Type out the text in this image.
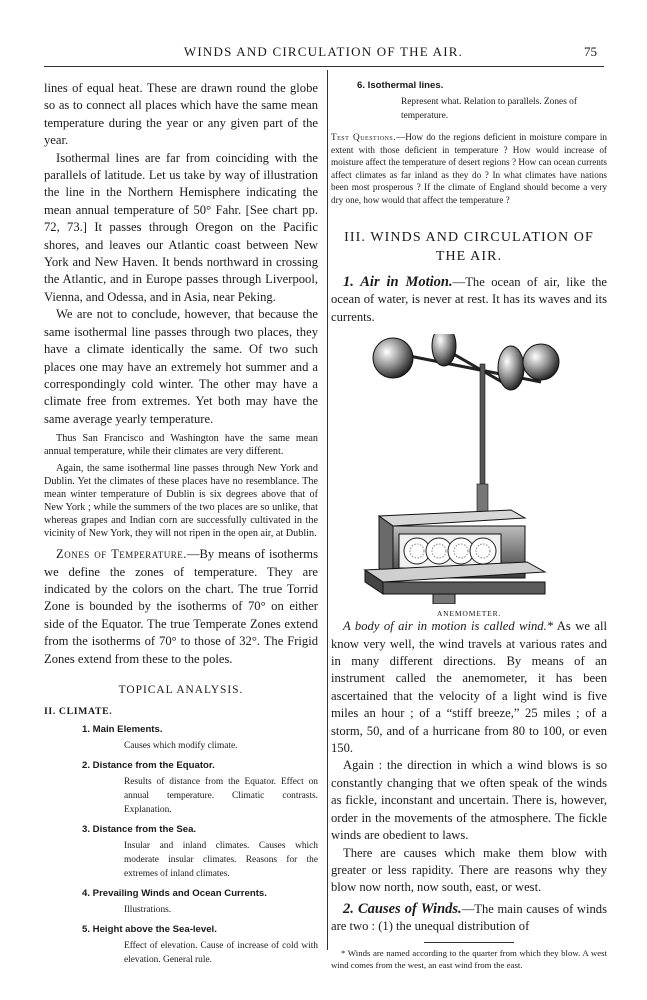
WINDS AND CIRCULATION OF THE AIR.	75

lines of equal heat. These are drawn round the globe so as to connect all places which have the same mean temperature during the year or any given part of the year.

Isothermal lines are far from coinciding with the parallels of latitude. Let us take by way of illustration the line in the Northern Hemisphere indicating the mean annual temperature of 50° Fahr. [See chart pp. 72, 73.] It passes through Oregon on the Pacific shores, and leaves our Atlantic coast between New York and New Haven. It bends northward in crossing the Atlantic, and in Europe passes through Liverpool, Vienna, and Odessa, and in Asia, near Peking.

We are not to conclude, however, that because the same isothermal line passes through two places, they have a climate identically the same. Of two such places one may have an extremely hot summer and a correspondingly cold winter. The other may have a climate free from extremes. Yet both may have the same average yearly temperature.

Thus San Francisco and Washington have the same mean annual temperature, while their climates are very different.

Again, the same isothermal line passes through New York and Dublin. Yet the climates of these places have no resemblance. The mean winter temperature of Dublin is six degrees above that of New York ; while the summers of the two places are so unlike, that whereas grapes and Indian corn are successfully cultivated in the vicinity of New York, they will not ripen in the open air, at Dublin.

Zones of Temperature.—By means of isotherms we define the zones of temperature. They are indicated by the colors on the chart. The true Torrid Zone is bounded by the isotherms of 70° on either side of the Equator. The true Temperate Zones extend from the isotherms of 70° to those of 32°. The Frigid Zones extend from these to the poles.

TOPICAL ANALYSIS.
II. CLIMATE.
1. Main Elements.
Causes which modify climate.
2. Distance from the Equator.
Results of distance from the Equator. Effect on annual temperature. Climatic contrasts. Explanation.
3. Distance from the Sea.
Insular and inland climates. Causes which moderate insular climates. Reasons for the extremes of inland climates.
4. Prevailing Winds and Ocean Currents.
Illustrations.
5. Height above the Sea-level.
Effect of elevation. Cause of increase of cold with elevation. General rule.
6. Isothermal lines.
Represent what. Relation to parallels. Zones of temperature.

Test Questions.—How do the regions deficient in moisture compare in extent with those deficient in temperature ? How would increase of moisture affect the temperature of desert regions ? How can ocean currents affect climates as far inland as they do ? In what climates have nations been most prosperous ? If the climate of England should become a very dry one, how would that affect the temperature ?

III. WINDS AND CIRCULATION OF THE AIR.

1. Air in Motion.—The ocean of air, like the ocean of water, is never at rest. It has its waves and its currents.

ANEMOMETER.

A body of air in motion is called wind.* As we all know very well, the wind travels at various rates and in many different directions. By means of an instrument called the anemometer, it has been ascertained that the velocity of a light wind is five miles an hour ; of a “stiff breeze,” 25 miles ; of a storm, 50, and of a hurricane from 80 to 100, or even 150.

Again : the direction in which a wind blows is so constantly changing that we often speak of the winds as fickle, inconstant and uncertain. There is, however, order in the movements of the atmosphere. The fickle winds are obedient to laws.

There are causes which make them blow with greater or less rapidity. There are reasons why they blow now north, now south, east, or west.

2. Causes of Winds.—The main causes of winds are two : (1) the unequal distribution of

* Winds are named according to the quarter from which they blow. A west wind comes from the west, an east wind from the east.
